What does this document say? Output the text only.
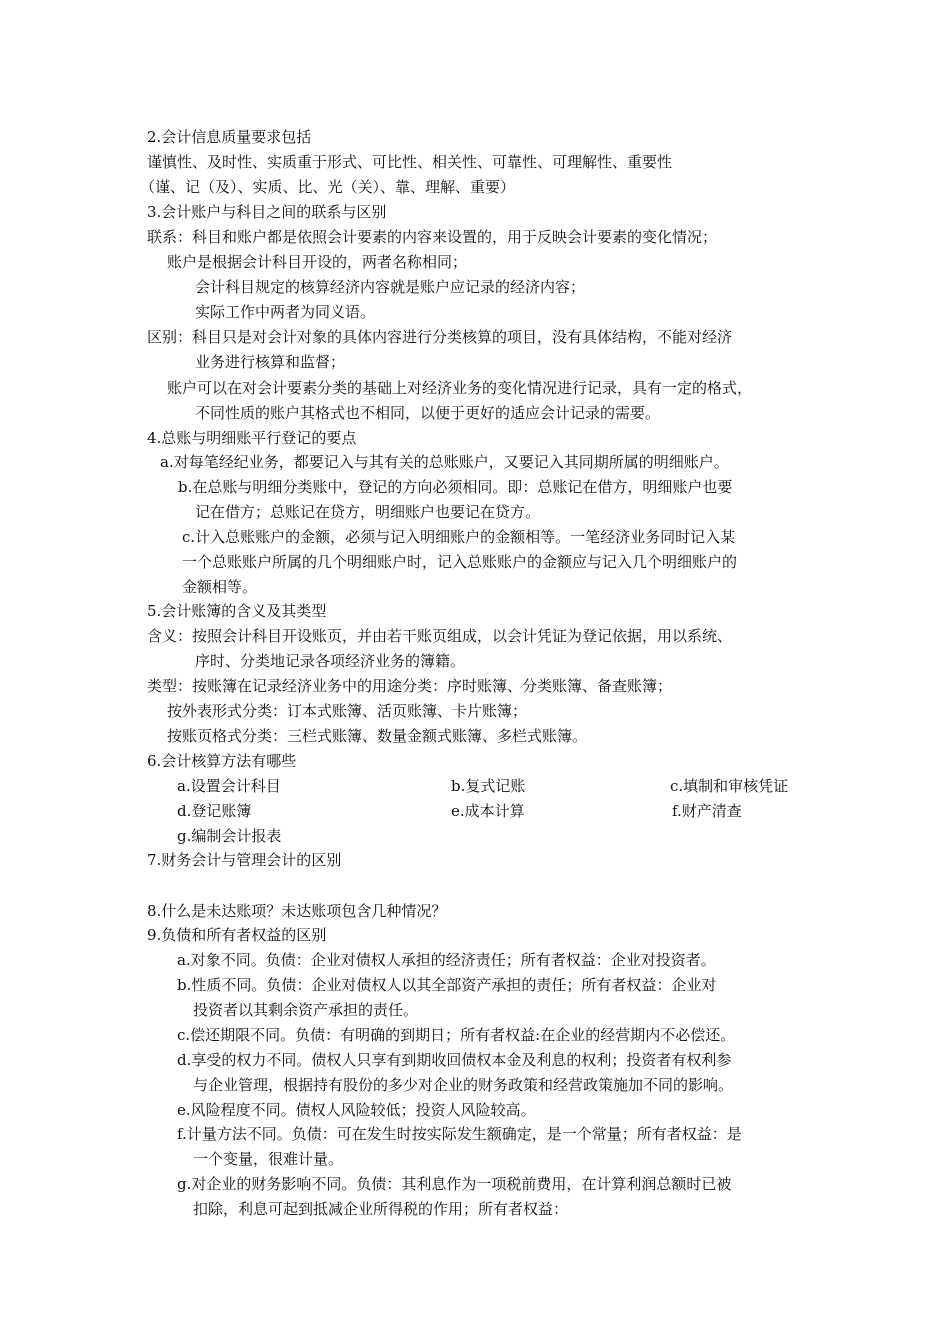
2.会计信息质量要求包括
谨慎性、及时性、实质重于形式、可比性、相关性、可靠性、可理解性、重要性
（谨、记（及）、实质、比、光（关）、靠、理解、重要）
3.会计账户与科目之间的联系与区别
联系：科目和账户都是依照会计要素的内容来设置的，用于反映会计要素的变化情况；
账户是根据会计科目开设的，两者名称相同；
会计科目规定的核算经济内容就是账户应记录的经济内容；
实际工作中两者为同义语。
区别：科目只是对会计对象的具体内容进行分类核算的项目，没有具体结构，不能对经济
业务进行核算和监督；
账户可以在对会计要素分类的基础上对经济业务的变化情况进行记录，具有一定的格式，
不同性质的账户其格式也不相同，以便于更好的适应会计记录的需要。
4.总账与明细账平行登记的要点
a.对每笔经纪业务，都要记入与其有关的总账账户，又要记入其同期所属的明细账户。
b.在总账与明细分类账中，登记的方向必须相同。即：总账记在借方，明细账户也要
记在借方；总账记在贷方，明细账户也要记在贷方。
c.计入总账账户的金额，必须与记入明细账户的金额相等。一笔经济业务同时记入某
一个总账账户所属的几个明细账户时，记入总账账户的金额应与记入几个明细账户的
金额相等。
5.会计账簿的含义及其类型
含义：按照会计科目开设账页，并由若干账页组成，以会计凭证为登记依据，用以系统、
序时、分类地记录各项经济业务的簿籍。
类型：按账簿在记录经济业务中的用途分类：序时账簿、分类账簿、备查账簿；
按外表形式分类：订本式账簿、活页账簿、卡片账簿；
按账页格式分类：三栏式账簿、数量金额式账簿、多栏式账簿。
6.会计核算方法有哪些
a.设置会计科目	b.复式记账	c.填制和审核凭证
d.登记账簿	e.成本计算	f.财产清查
g.编制会计报表
7.财务会计与管理会计的区别
8.什么是未达账项？未达账项包含几种情况？
9.负债和所有者权益的区别
a.对象不同。负债：企业对债权人承担的经济责任；所有者权益：企业对投资者。
b.性质不同。负债：企业对债权人以其全部资产承担的责任；所有者权益：企业对
投资者以其剩余资产承担的责任。
c.偿还期限不同。负债：有明确的到期日；所有者权益:在企业的经营期内不必偿还。
d.享受的权力不同。债权人只享有到期收回债权本金及利息的权利；投资者有权利参
与企业管理，根据持有股份的多少对企业的财务政策和经营政策施加不同的影响。
e.风险程度不同。债权人风险较低；投资人风险较高。
f.计量方法不同。负债：可在发生时按实际发生额确定，是一个常量；所有者权益：是
一个变量，很难计量。
g.对企业的财务影响不同。负债：其利息作为一项税前费用，在计算利润总额时已被
扣除，利息可起到抵减企业所得税的作用；所有者权益：
